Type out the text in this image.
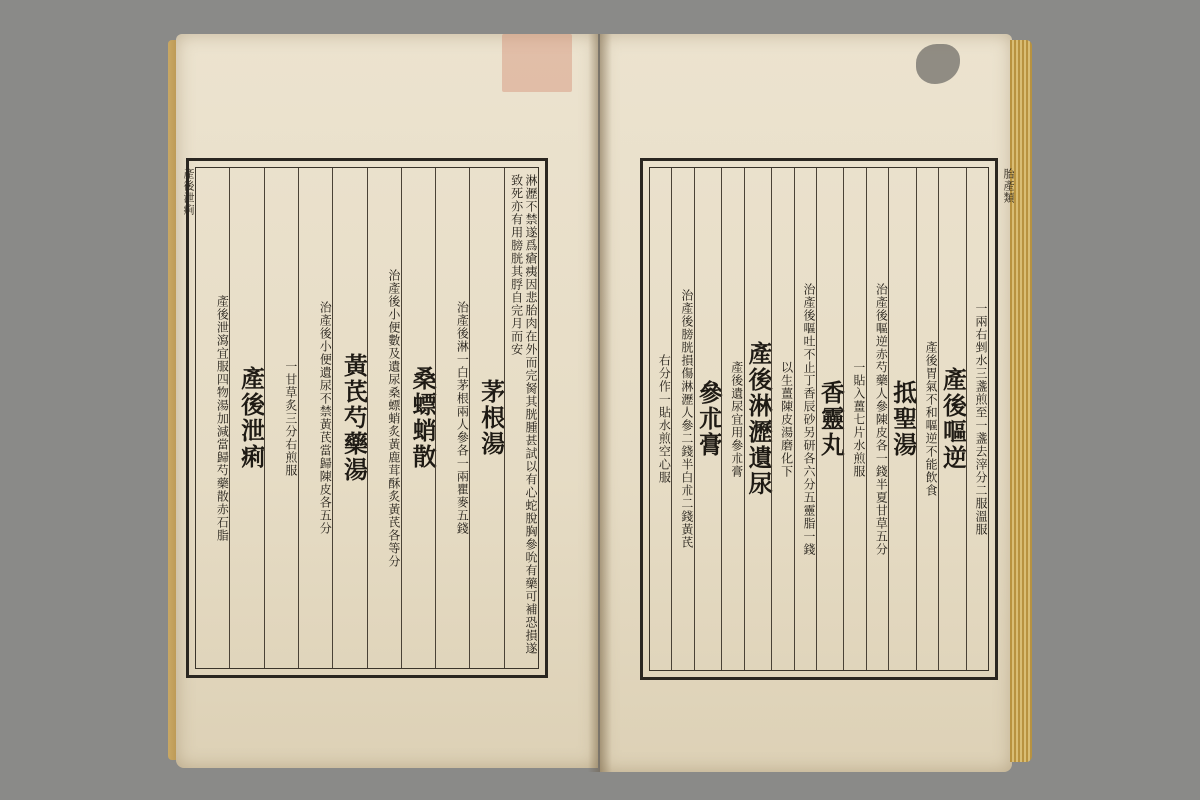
產後泄痢	胎產類
淋瀝不禁遂爲瘡痍因悲胎肉在外而完胬其胱腫甚試以有心蛇脫胸參吮有藥可補恐損遂致死亦有用膀胱其脬自完月而安
茅根湯
治產後淋一白茅根兩人參各一兩瞿麥五錢
桑螵蛸散
治產後小便數及遺尿桑螵蛸炙黃鹿茸酥炙黃芪各等分
黃芪芍藥湯
治產後小便遺尿不禁黃芪當歸陳皮各五分
一甘草炙三分右煎服
產後泄痢
產後泄瀉宜服四物湯加減當歸芍藥散赤石脂	一兩右剉水三盞煎至一盞去滓分二服溫服
產後嘔逆
產後胃氣不和嘔逆不能飲食
抵聖湯
治產後嘔逆赤芍藥人參陳皮各一錢半夏甘草五分
一貼入薑七片水煎服
香靈丸
治產後嘔吐不止丁香辰砂另研各六分五靈脂一錢
以生薑陳皮湯磨化下
產後淋瀝遺尿
產後遺尿宜用參朮膏
參朮膏
治產後膀胱損傷淋瀝人參二錢半白朮二錢黃芪
右分作一貼水煎空心服
